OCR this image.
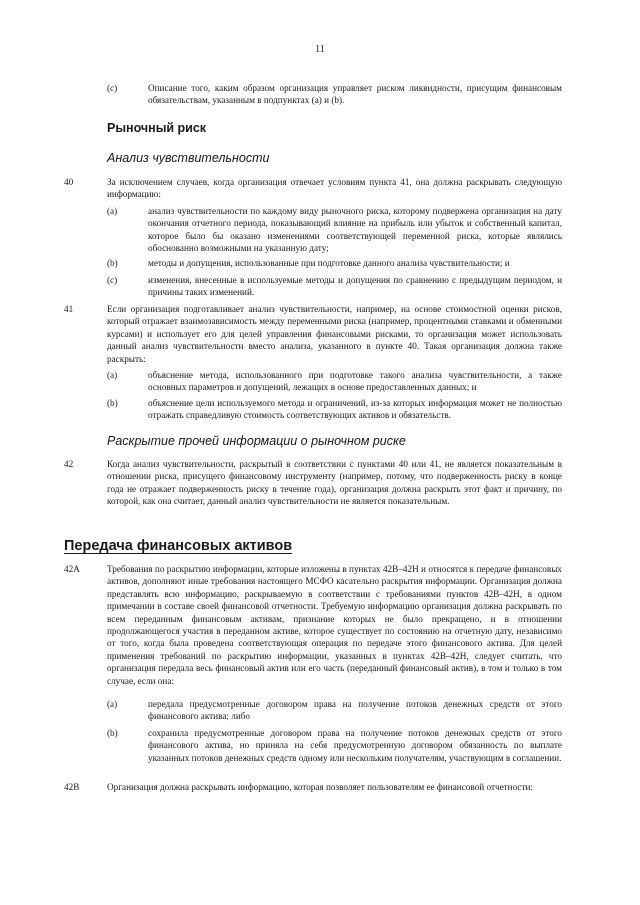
11
(c)	Описание того, каким образом организация управляет риском ликвидности, присущим финансовым обязательствам, указанным в подпунктах (a) и (b).
Рыночный риск
Анализ чувствительности
40	За исключением случаев, когда организация отвечает условиям пункта 41, она должна раскрывать следующую информацию:
(a)	анализ чувствительности по каждому виду рыночного риска, которому подвержена организация на дату окончания отчетного периода, показывающий влияние на прибыль или убыток и собственный капитал, которое было бы оказано изменениями соответствующей переменной риска, которые являлись обоснованно возможными на указанную дату;
(b)	методы и допущения, использованные при подготовке данного анализа чувствительности; и
(c)	изменения, внесенные в используемые методы и допущения по сравнению с предыдущим периодом, и причины таких изменений.
41	Если организация подготавливает анализ чувствительности, например, на основе стоимостной оценки рисков, который отражает взаимозависимость между переменными риска (например, процентными ставками и обменными курсами) и использует его для целей управления финансовыми рисками, то организация может использовать данный анализ чувствительности вместо анализа, указанного в пункте 40. Такая организация должна также раскрыть:
(a)	объяснение метода, использованного при подготовке такого анализа чувствительности, а также основных параметров и допущений, лежащих в основе предоставленных данных; и
(b)	объяснение цели используемого метода и ограничений, из-за которых информация может не полностью отражать справедливую стоимость соответствующих активов и обязательств.
Раскрытие прочей информации о рыночном риске
42	Когда анализ чувствительности, раскрытый в соответствии с пунктами 40 или 41, не является показательным в отношении риска, присущего финансовому инструменту (например, потому, что подверженность риску в конце года не отражает подверженность риску в течение года), организация должна раскрыть этот факт и причину, по которой, как она считает, данный анализ чувствительности не является показательным.
Передача финансовых активов
42A	Требования по раскрытию информации, которые изложены в пунктах 42B–42H и относятся к передаче финансовых активов, дополняют иные требования настоящего МСФО касательно раскрытия информации. Организация должна представлять всю информацию, раскрываемую в соответствии с требованиями пунктов 42B–42H, в одном примечании в составе своей финансовой отчетности. Требуемую информацию организация должна раскрывать по всем переданным финансовым активам, признание которых не было прекращено, и в отношении продолжающегося участия в переданном активе, которое существует по состоянию на отчетную дату, независимо от того, когда была проведена соответствующая операция по передаче этого финансового актива. Для целей применения требований по раскрытию информации, указанных в пунктах 42B–42H, следует считать, что организация передала весь финансовый актив или его часть (переданный финансовый актив), в том и только в том случае, если она:
(a)	передала предусмотренные договором права на получение потоков денежных средств от этого финансового актива; либо
(b)	сохранила предусмотренные договором права на получение потоков денежных средств от этого финансового актива, но приняла на себя предусмотренную договором обязанность по выплате указанных потоков денежных средств одному или нескольким получателям, участвующим в соглашении.
42B	Организация должна раскрывать информацию, которая позволяет пользователям ее финансовой отчетности:
